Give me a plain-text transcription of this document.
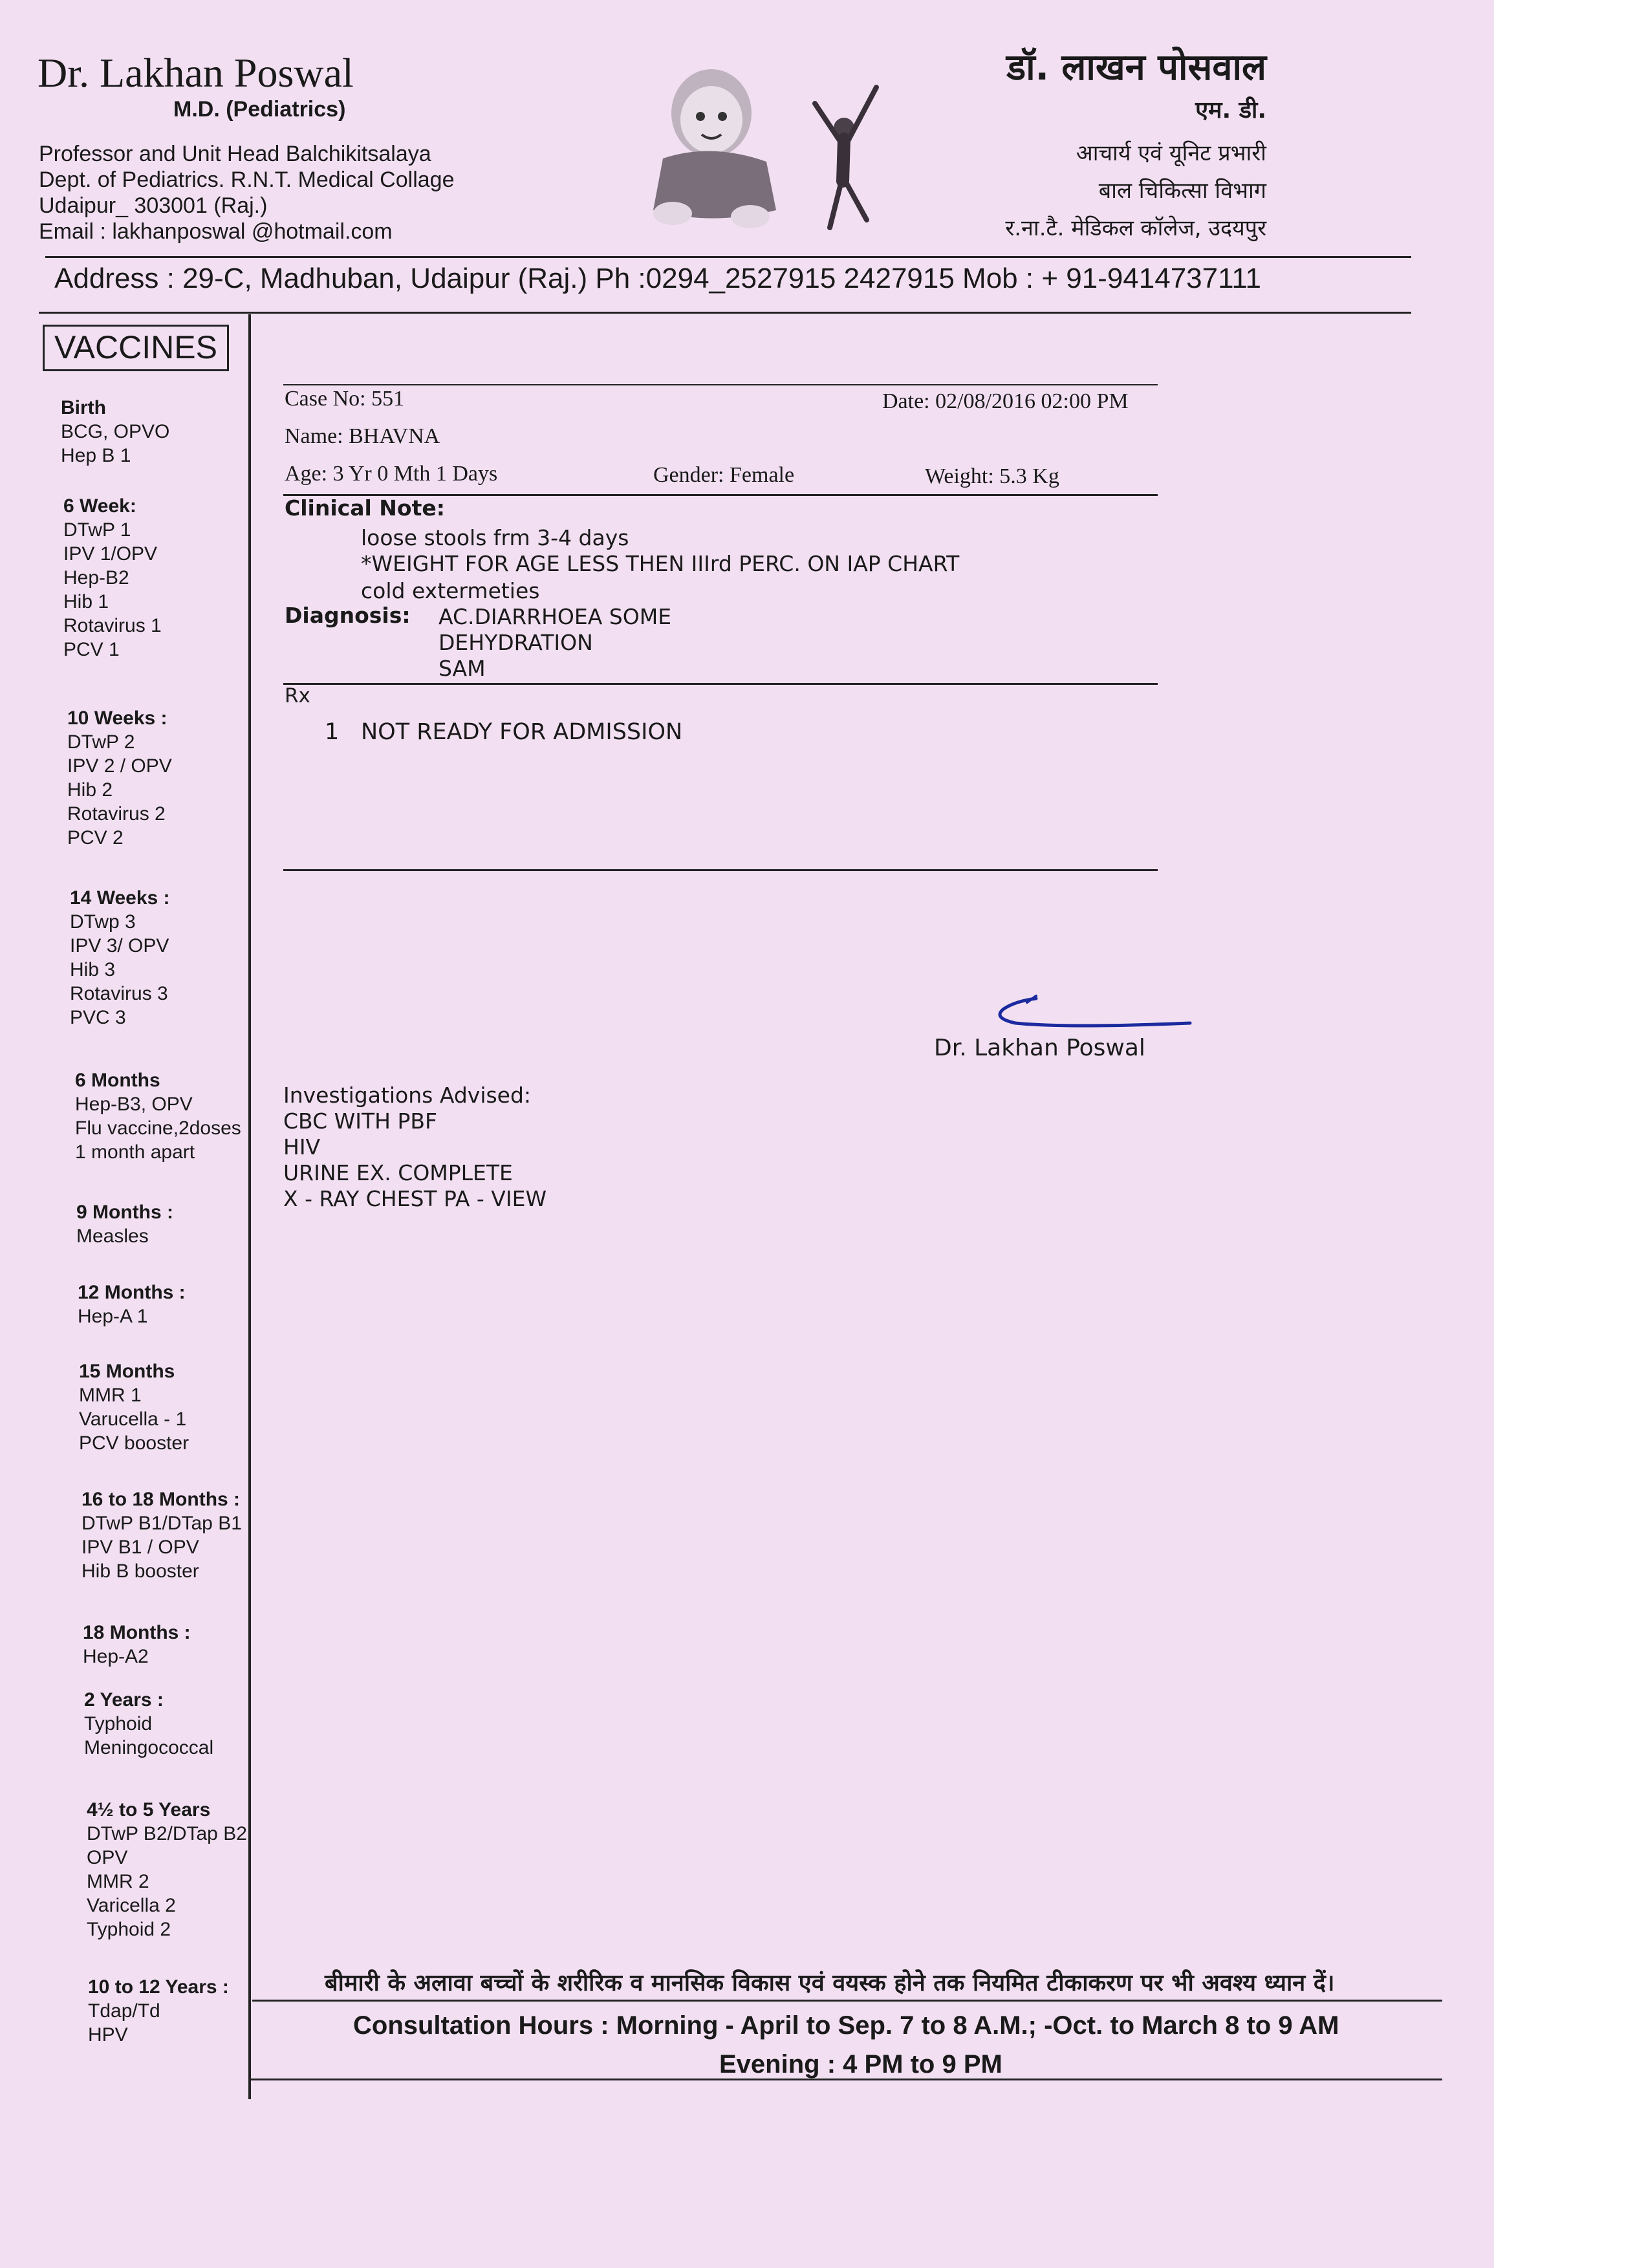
Dr. Lakhan Poswal
M.D. (Pediatrics)
Professor and Unit Head Balchikitsalaya
Dept. of Pediatrics. R.N.T. Medical Collage
Udaipur_ 303001 (Raj.)
Email : lakhanposwal @hotmail.com
डॉ. लाखन पोसवाल
एम. डी.
आचार्य एवं यूनिट प्रभारी
बाल चिकित्सा विभाग
र.ना.टै. मेडिकल कॉलेज, उदयपुर
Address : 29-C, Madhuban, Udaipur (Raj.) Ph :0294_2527915 2427915 Mob : + 91-9414737111
VACCINES
Birth
BCG, OPVO
Hep B 1
6 Week:
DTwP 1
IPV 1/OPV
Hep-B2
Hib 1
Rotavirus 1
PCV 1
10 Weeks :
DTwP 2
IPV 2 / OPV
Hib 2
Rotavirus 2
PCV 2
14 Weeks :
DTwp 3
IPV 3/ OPV
Hib 3
Rotavirus 3
PVC 3
6 Months
Hep-B3, OPV
Flu vaccine,2doses
1 month apart
9 Months :
Measles
12 Months :
Hep-A 1
15 Months
MMR 1
Varucella - 1
PCV booster
16 to 18 Months :
DTwP B1/DTap B1
IPV B1 / OPV
Hib B booster
18 Months :
Hep-A2
2 Years :
Typhoid
Meningococcal
4½ to 5 Years
DTwP B2/DTap B2
OPV
MMR 2
Varicella 2
Typhoid 2
10 to 12 Years :
Tdap/Td
HPV
Case No: 551	Date: 02/08/2016 02:00 PM
Name: BHAVNA
Age: 3 Yr 0 Mth 1 Days	Gender: Female	Weight: 5.3 Kg
Clinical Note:
loose stools frm 3-4 days
*WEIGHT FOR AGE LESS THEN IIIrd PERC. ON IAP CHART
cold extermeties
Diagnosis: AC.DIARRHOEA SOME
DEHYDRATION
SAM
Rx
1 NOT READY FOR ADMISSION
Dr. Lakhan Poswal
Investigations Advised:
CBC WITH PBF
HIV
URINE EX. COMPLETE
X - RAY CHEST PA - VIEW
बीमारी के अलावा बच्चों के शरीरिक व मानसिक विकास एवं वयस्क होने तक नियमित टीकाकरण पर भी अवश्य ध्यान दें।
Consultation Hours : Morning - April to Sep. 7 to 8 A.M.; -Oct. to March 8 to 9 AM
Evening : 4 PM to 9 PM
